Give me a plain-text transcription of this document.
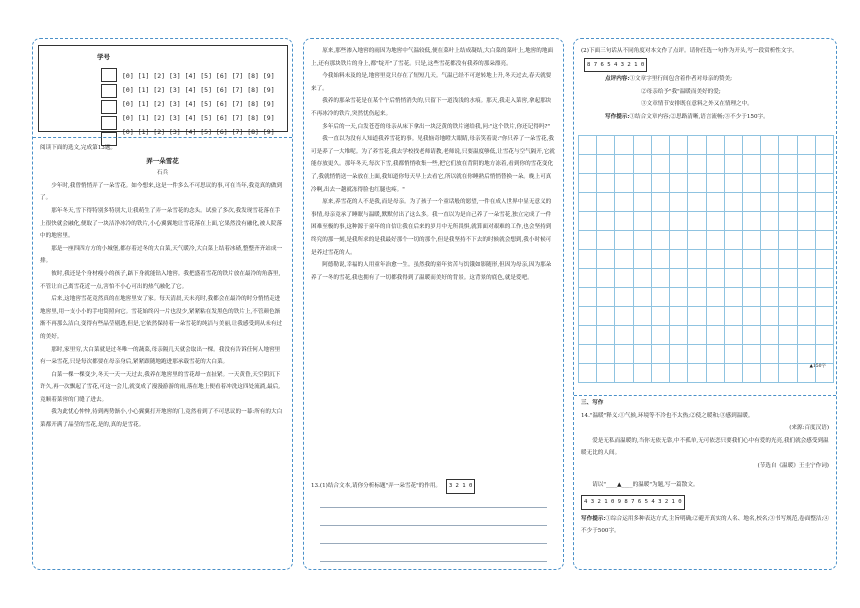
学号
[0] [1] [2] [3] [4] [5] [6] [7] [8] [9]
[0] [1] [2] [3] [4] [5] [6] [7] [8] [9]
[0] [1] [2] [3] [4] [5] [6] [7] [8] [9]
[0] [1] [2] [3] [4] [5] [6] [7] [8] [9]
[0] [1] [2] [3] [4] [5] [6] [7] [8] [9]
阅读下面的选文,完成第13题。
弄一朵雪花
石兵
少年时,我曾悄悄弄了一朵雪花。如今想来,这是一件多么不可思议的事,可在当年,我竟真的做到了。
那年冬天,雪下得特别多特别大,让我萌生了弄一朵雪花的念头。试验了多次,我发现雪花落在手上很快就会融化,便取了一块洁净冰冷的铁片,小心翼翼地让雪花落在上面,它果然没有融化,被人院落中的地窖里。
那是一座四四方方的小城堡,都存着过冬的大白菜,天气暖冷,大白菜上结着冰碴,整整齐齐站成一排。
彼时,我还是个身材瘦小的孩子,踮下身就能钻入地窖。我把盛着雪花的铁片放在最冷的角落里,不管让自己离雪花近一点,害怕不小心可出的热气融化了它。
后来,这地窖雪花竟然真的在地窖里安了家。每天清晨,天未亮时,我都会在最冷的时分悄悄走进地窖里,用一支小小的手电筒照向它。雪花始终闪一片也没少,紧紧粘在发黑色的铁片上,不管颜色渐渐不再那么洁白,变得有些晶莹剔透,但是,它依然保持着一朵雪花的纯洁与美丽,让我感受到从未有过的美好。
那时,家里穷,大白菜就是过冬唯一的蔬菜,母亲隔几天就会取出一棵。我没有告诉任何人地窖里有一朵雪花,只是每次都要在母亲身后,紧紧跟随地跑进那承载雪花的大白菜。
白菜一棵一棵变少,冬天一天一天过去,我养在地窖里的雪花却一直扯紧。一天黄昏,天空阴沉下许久,再一次飘起了雪花,可这一会儿,就变成了漫漫游游的雨,落在地上便看着冲洗这四处流淌,最后,竟顺着菜窖的门缝了进去。
我为此忧心忡忡,待到两势渐小,小心翼翼打开地窖的门,竟然看到了不可思议的一幕:所有的大白菜都开满了晶莹的雪花,是的,真的是雪花。
原来,那些渗入地窖的雨因为地窖中气温较低,便在菜叶上结成凝结,大白菜的菜叶上,地窖的地面上,还有那块铁片的身上,都"绽开"了雪花。只是,这些雪花都没有我养的那朵漂亮。
今我始料未及的是,地窖里竟只存在了短短几天。气温已经不可逆转地上升,冬天过去,春天就要来了。
我养的那朵雪花是在某个午后悄悄消失的,只留下一道浅浅的水痕。那天,我走入菜窖,拿起那块不再冰冷的铁片,突然忧伤起来。
多年后的一天,白发苍苍的母亲从床下拿出一块泛黄的铁片递给我,问:"这个铁片,你还记得吗?"
我一直以为没有人知道我养雪花的事。见我恼奇地瞪大眼睛,母亲笑着说:"你只养了一朵雪花,我可是养了一大堆呢。为了养雪花,我去学校找老师请教,老师说,只要温度够低,让雪花与空气隔开,它就能存放更久。那年冬天,每次下雪,我都悄悄收集一些,把它们放在背阴的地方冻着,看到你的雪花变化了,我就悄悄送一朵放在上面,我知道你每天早上去看它,所以就在你睡熟后悄悄替换一朵。晚上可真冷啊,出去一趟就冻得脸也红腿也疼。"
原来,养雪花的人不是我,而是母亲。为了孩子一个童话般的愿望,一件在成人世界中显无意义的事情,母亲竟承了睡眠与温暖,默默付出了这么多。我一直以为是自己养了一朵雪花,独立完成了一件困难至极的事,这种源于童年的自信让我在后来的岁月中无所畏惧,就算面对艰难的工作,也会坚持到终究的那一刻,是我所求的是我最好那个一切的那个,但是我坚持不下去的时候就会想到,我小时候可是养过雪花的人。
阿德勒说,幸福的人用童年治愈一生。虽然我的童年贫苦与饥饿如影随形,但因为母亲,因为那朵养了一冬的雪花,我也拥有了一切都我得到了温暖而美好的背景。这背景的底色,就是爱吧。
13.(1)结合文本,请你分析标题"弄一朵雪花"的作用。 3 2 1 0
(2)下面三句话从不同角度对本文作了点评。请你任选一句作为开头,写一段赏析性文字。 8 7 6 5 4 3 2 1 0
点评内容:①文章字里行间包含着作者对母亲的赞美;
②母亲给予"我"温暖而美好的爱;
③文章情节安排既在意料之外又在情理之中。
写作提示:①结合文章内容;②思路清晰,语言流畅;③不少于150字。
▲150字
三、写作
14."温暖"释义:①气候,环境等不冷也不太热;②使之暖和;③感到温暖。
(来源:百度汉语)
爱是无私而温暖的,当你无依无靠,中不孤单,无可依恋只要我们心中有爱的光亮,我们就会感受到温暖无比的人间。
(节选自《温暖》王圭宁作词)
请以"____▲____的温暖"为题,写一篇散文。
4 3 2 1 0 9 8 7 6 5 4 3 2 1 0
写作提示:①综合运用多种表达方式,主旨明确;②避开真实的人名、地名,校名;③书写规范,卷面整洁;④不少于500字。
